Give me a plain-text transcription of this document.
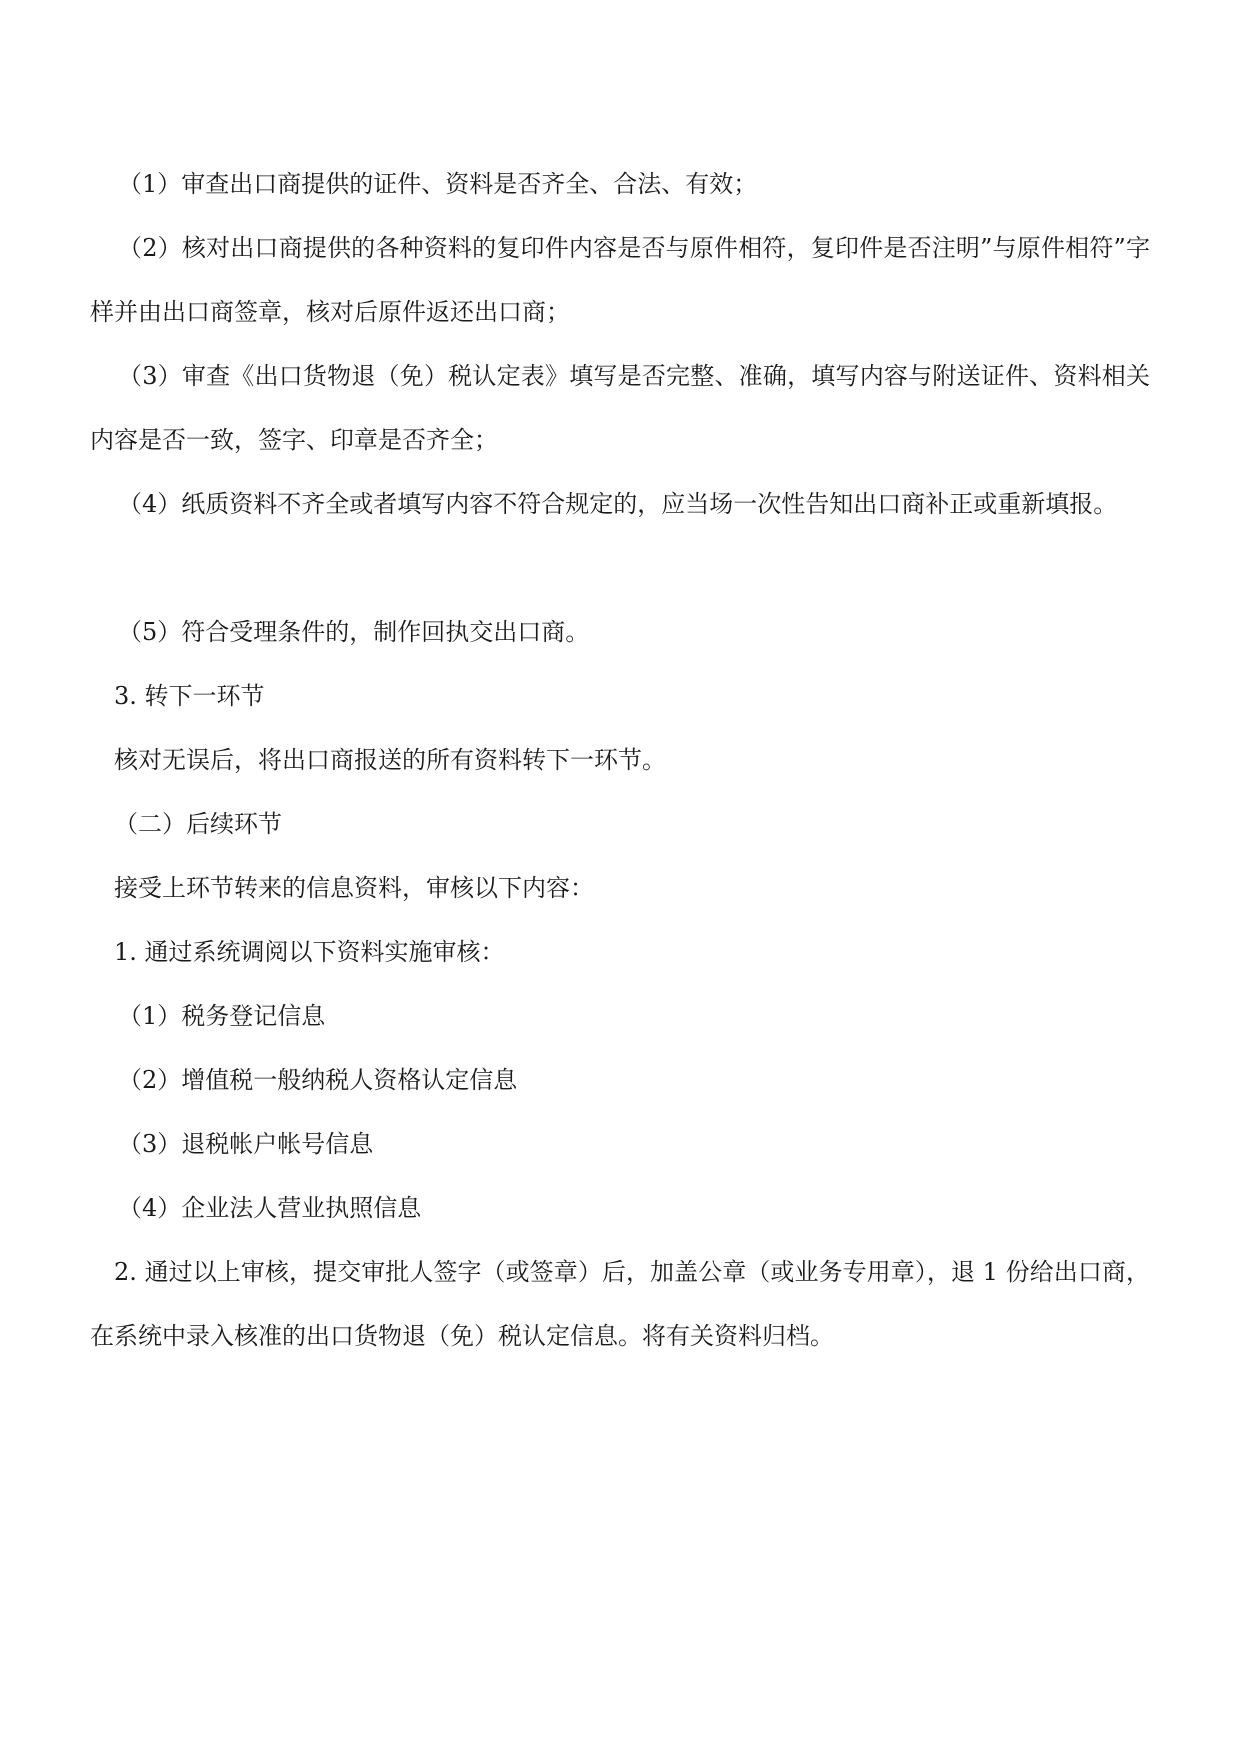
（1）审查出口商提供的证件、资料是否齐全、合法、有效；

（2）核对出口商提供的各种资料的复印件内容是否与原件相符，复印件是否注明”与原件相符”字样并由出口商签章，核对后原件返还出口商；

（3）审查《出口货物退（免）税认定表》填写是否完整、准确，填写内容与附送证件、资料相关内容是否一致，签字、印章是否齐全；

（4）纸质资料不齐全或者填写内容不符合规定的，应当场一次性告知出口商补正或重新填报。

（5）符合受理条件的，制作回执交出口商。

3. 转下一环节

核对无误后，将出口商报送的所有资料转下一环节。

（二）后续环节

接受上环节转来的信息资料，审核以下内容：

1. 通过系统调阅以下资料实施审核：

（1）税务登记信息

（2）增值税一般纳税人资格认定信息

（3）退税帐户帐号信息

（4）企业法人营业执照信息

2. 通过以上审核，提交审批人签字（或签章）后，加盖公章（或业务专用章），退 1 份给出口商，在系统中录入核准的出口货物退（免）税认定信息。将有关资料归档。
